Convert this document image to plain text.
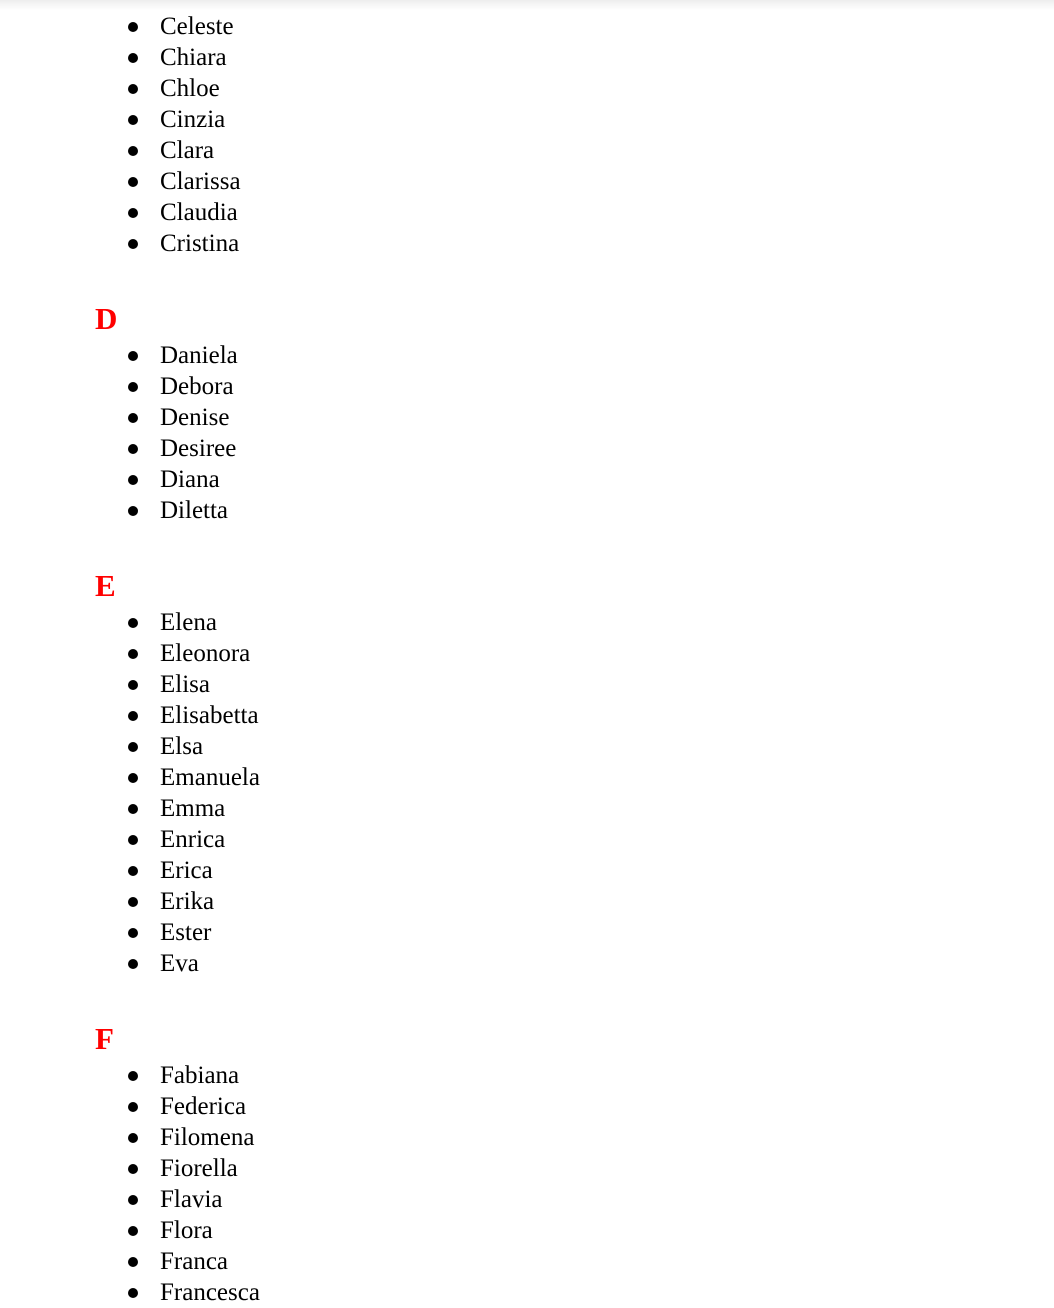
Celeste
Chiara
Chloe
Cinzia
Clara
Clarissa
Claudia
Cristina
D
Daniela
Debora
Denise
Desiree
Diana
Diletta
E
Elena
Eleonora
Elisa
Elisabetta
Elsa
Emanuela
Emma
Enrica
Erica
Erika
Ester
Eva
F
Fabiana
Federica
Filomena
Fiorella
Flavia
Flora
Franca
Francesca
